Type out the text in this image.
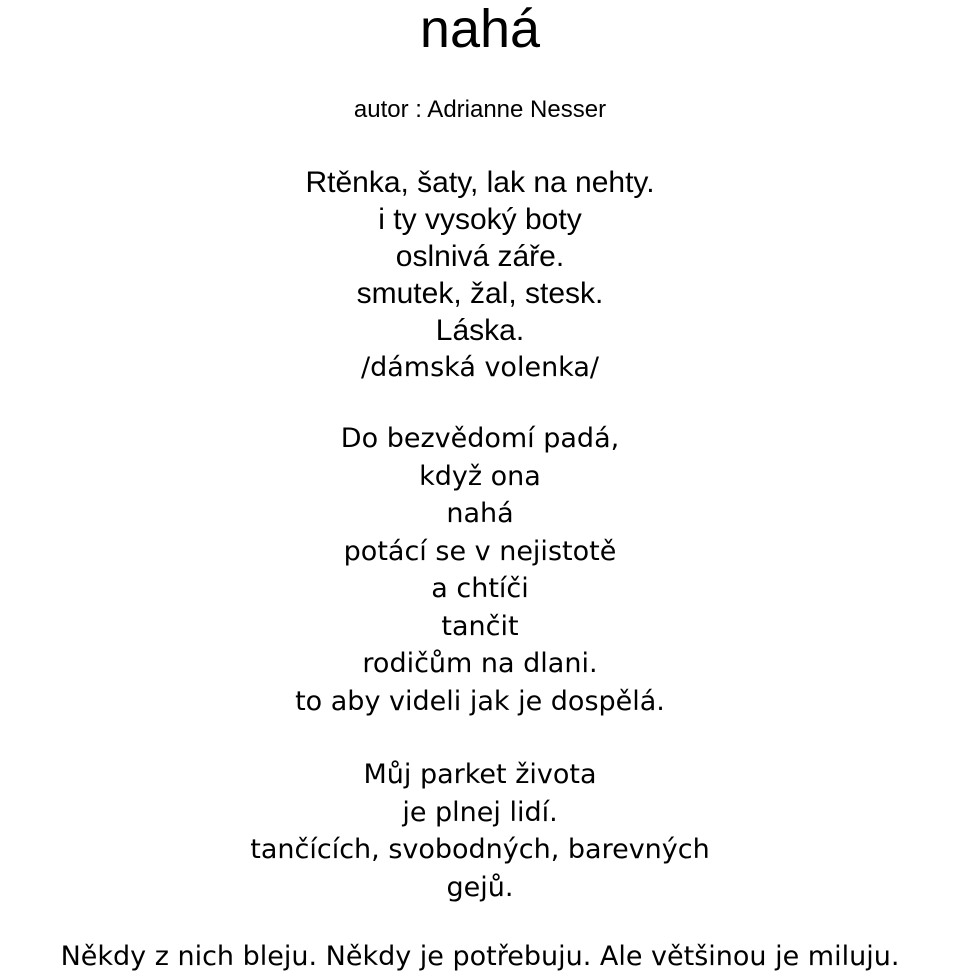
nahá
autor : Adrianne Nesser
Rtěnka, šaty, lak na nehty.
i ty vysoký boty
oslnivá záře.
smutek, žal, stesk.
Láska.
/dámská volenka/
Do bezvědomí padá,
když ona
nahá
potácí se v nejistotě
a chtíči
tančit
rodičům na dlani.
to aby videli jak je dospělá.
Můj parket života
je plnej lidí.
tančících, svobodných, barevných
gejů.
Někdy z nich bleju. Někdy je potřebuju. Ale většinou je miluju.
